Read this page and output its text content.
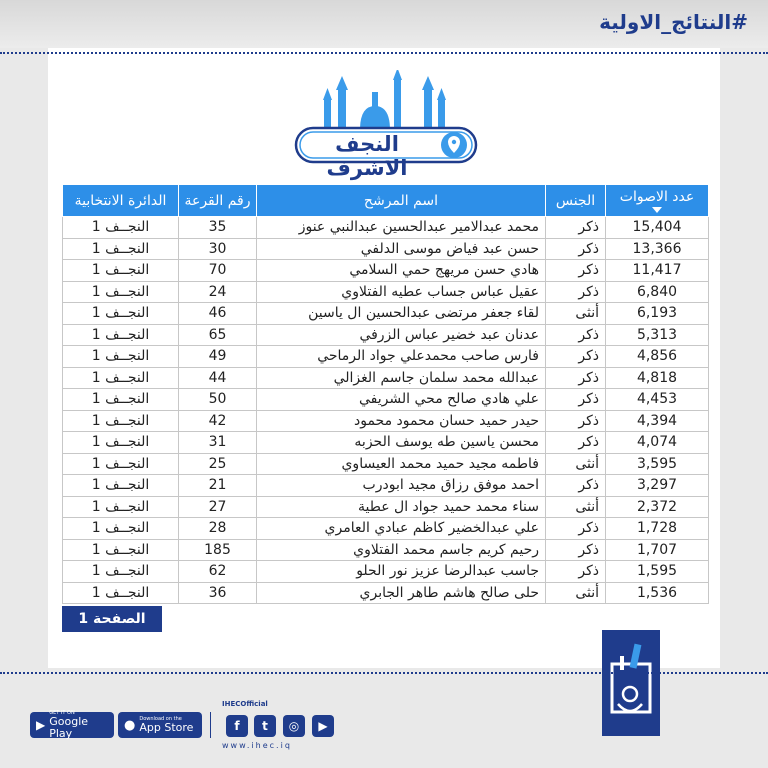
#النتائج_الاولية
النجف الاشرف
عدد الاصوات	الجنس	اسم المرشح	رقم القرعة	الدائرة الانتخابية
15,404	ذكر	محمد عبدالامير عبدالحسين عبدالنبي عنوز	35	النجــف 1
13,366	ذكر	حسن عبد فياض موسى الدلفي	30	النجــف 1
11,417	ذكر	هادي حسن مريهج حمي السلامي	70	النجــف 1
6,840	ذكر	عقيل عباس جساب عطيه الفتلاوي	24	النجــف 1
6,193	أنثى	لقاء جعفر مرتضى عبدالحسين ال ياسين	46	النجــف 1
5,313	ذكر	عدنان عبد خضير عباس الزرفي	65	النجــف 1
4,856	ذكر	فارس صاحب محمدعلي جواد الرماحي	49	النجــف 1
4,818	ذكر	عبدالله محمد سلمان جاسم الغزالي	44	النجــف 1
4,453	ذكر	علي هادي صالح محي الشريفي	50	النجــف 1
4,394	ذكر	حيدر حميد حسان محمود محمود	42	النجــف 1
4,074	ذكر	محسن ياسين طه يوسف الحزبه	31	النجــف 1
3,595	أنثى	فاطمه مجيد حميد محمد العيساوي	25	النجــف 1
3,297	ذكر	احمد موفق رزاق مجيد ابودرب	21	النجــف 1
2,372	أنثى	سناء محمد حميد جواد ال عطية	27	النجــف 1
1,728	ذكر	علي عبدالخضير كاظم عبادي العامري	28	النجــف 1
1,707	ذكر	رحيم كريم جاسم محمد الفتلاوي	185	النجــف 1
1,595	ذكر	جاسب عبدالرضا عزيز نور الحلو	62	النجــف 1
1,536	أنثى	حلى صالح هاشم طاهر الجابري	36	النجــف 1
الصفحة 1
▶
GET IT ON
Google Play
● Download on the
App Store
IHECOfficial
f	t	◎	▶
www.ihec.iq
